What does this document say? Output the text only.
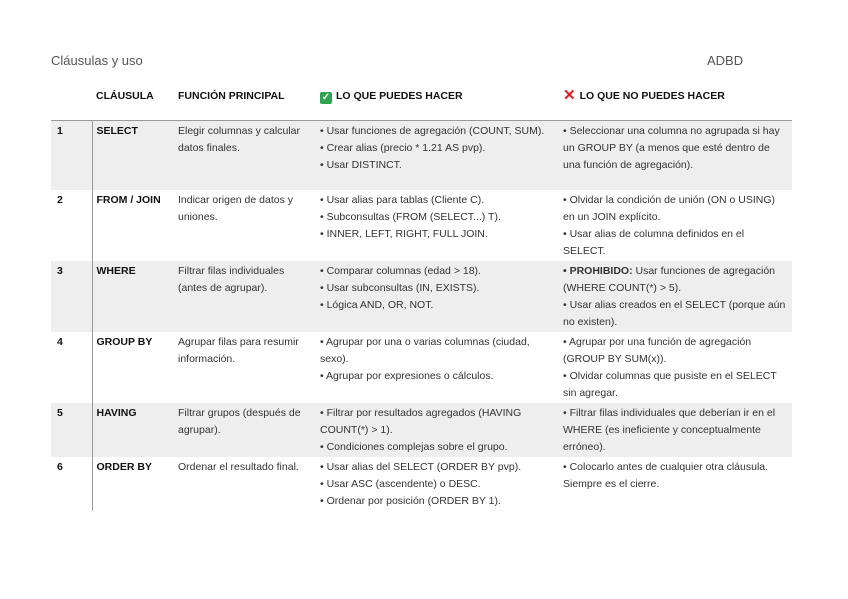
Cláusulas y uso	ADBD
	CLÁUSULA	FUNCIÓN PRINCIPAL	✓ LO QUE PUEDES HACER	✕ LO QUE NO PUEDES HACER
1	SELECT	Elegir columnas y calcular datos finales.	• Usar funciones de agregación (COUNT, SUM).
• Crear alias (precio * 1.21 AS pvp).
• Usar DISTINCT.	• Seleccionar una columna no agrupada si hay un GROUP BY (a menos que esté dentro de una función de agregación).

2	FROM / JOIN	Indicar origen de datos y uniones.	• Usar alias para tablas (Cliente C).
• Subconsultas (FROM (SELECT...) T).
• INNER, LEFT, RIGHT, FULL JOIN.	• Olvidar la condición de unión (ON o USING) en un JOIN explícito.
• Usar alias de columna definidos en el SELECT.

3	WHERE	Filtrar filas individuales (antes de agrupar).	• Comparar columnas (edad > 18).
• Usar subconsultas (IN, EXISTS).
• Lógica AND, OR, NOT.	• PROHIBIDO: Usar funciones de agregación (WHERE COUNT(*) > 5).
• Usar alias creados en el SELECT (porque aún no existen).

4	GROUP BY	Agrupar filas para resumir información.	• Agrupar por una o varias columnas (ciudad, sexo).
• Agrupar por expresiones o cálculos.	• Agrupar por una función de agregación (GROUP BY SUM(x)).
• Olvidar columnas que pusiste en el SELECT sin agregar.

5	HAVING	Filtrar grupos (después de agrupar).	• Filtrar por resultados agregados (HAVING COUNT(*) > 1).
• Condiciones complejas sobre el grupo.	• Filtrar filas individuales que deberían ir en el WHERE (es ineficiente y conceptualmente erróneo).

6	ORDER BY	Ordenar el resultado final.	• Usar alias del SELECT (ORDER BY pvp).
• Usar ASC (ascendente) o DESC.
• Ordenar por posición (ORDER BY 1).	• Colocarlo antes de cualquier otra cláusula. Siempre es el cierre.
